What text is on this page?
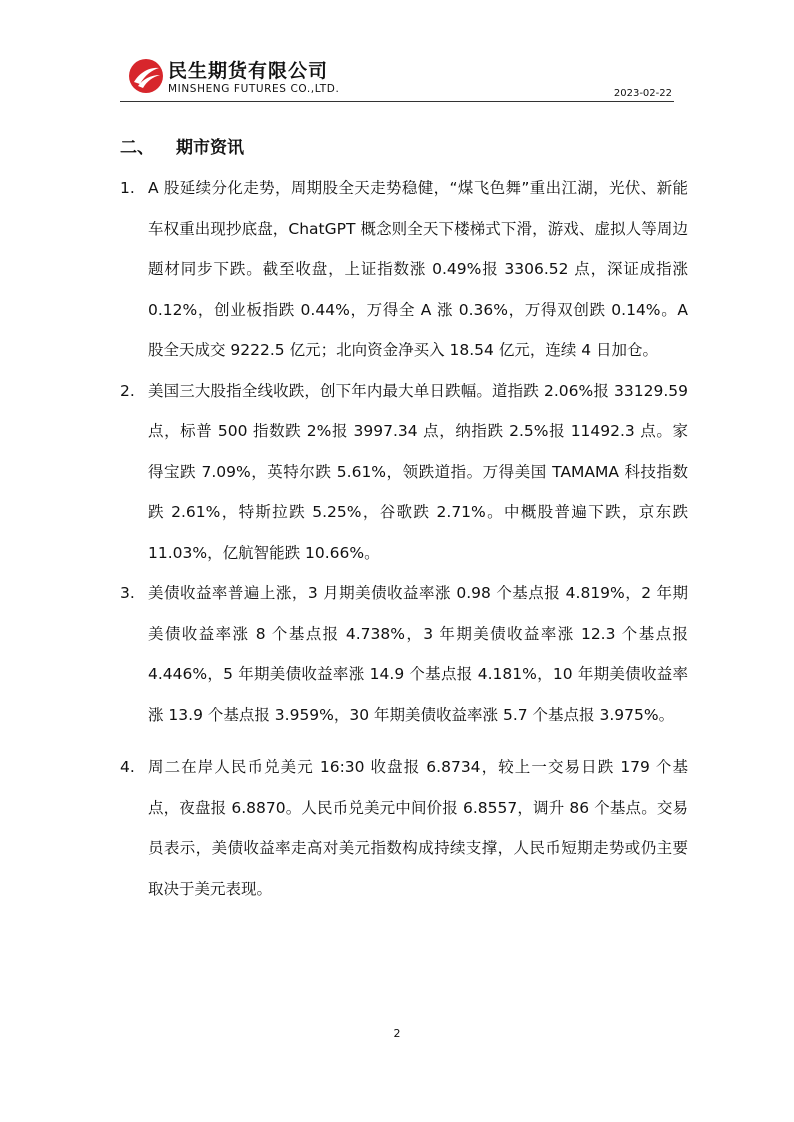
民生期货有限公司
MINSHENG FUTURES CO.,LTD.	2023-02-22
二、 期市资讯
1. A 股延续分化走势，周期股全天走势稳健，“煤飞色舞”重出江湖，光伏、新能车权重出现抄底盘，ChatGPT 概念则全天下楼梯式下滑，游戏、虚拟人等周边题材同步下跌。截至收盘，上证指数涨 0.49%报 3306.52 点，深证成指涨 0.12%，创业板指跌 0.44%，万得全 A 涨 0.36%，万得双创跌 0.14%。A 股全天成交 9222.5 亿元；北向资金净买入 18.54 亿元，连续 4 日加仓。
2. 美国三大股指全线收跌，创下年内最大单日跌幅。道指跌 2.06%报 33129.59 点，标普 500 指数跌 2%报 3997.34 点，纳指跌 2.5%报 11492.3 点。家得宝跌 7.09%，英特尔跌 5.61%，领跌道指。万得美国 TAMAMA 科技指数跌 2.61%，特斯拉跌 5.25%，谷歌跌 2.71%。中概股普遍下跌，京东跌 11.03%，亿航智能跌 10.66%。
3. 美债收益率普遍上涨，3 月期美债收益率涨 0.98 个基点报 4.819%，2 年期美债收益率涨 8 个基点报 4.738%，3 年期美债收益率涨 12.3 个基点报 4.446%，5 年期美债收益率涨 14.9 个基点报 4.181%，10 年期美债收益率涨 13.9 个基点报 3.959%，30 年期美债收益率涨 5.7 个基点报 3.975%。
4. 周二在岸人民币兑美元 16:30 收盘报 6.8734，较上一交易日跌 179 个基点，夜盘报 6.8870。人民币兑美元中间价报 6.8557，调升 86 个基点。交易员表示，美债收益率走高对美元指数构成持续支撑，人民币短期走势或仍主要取决于美元表现。
2
